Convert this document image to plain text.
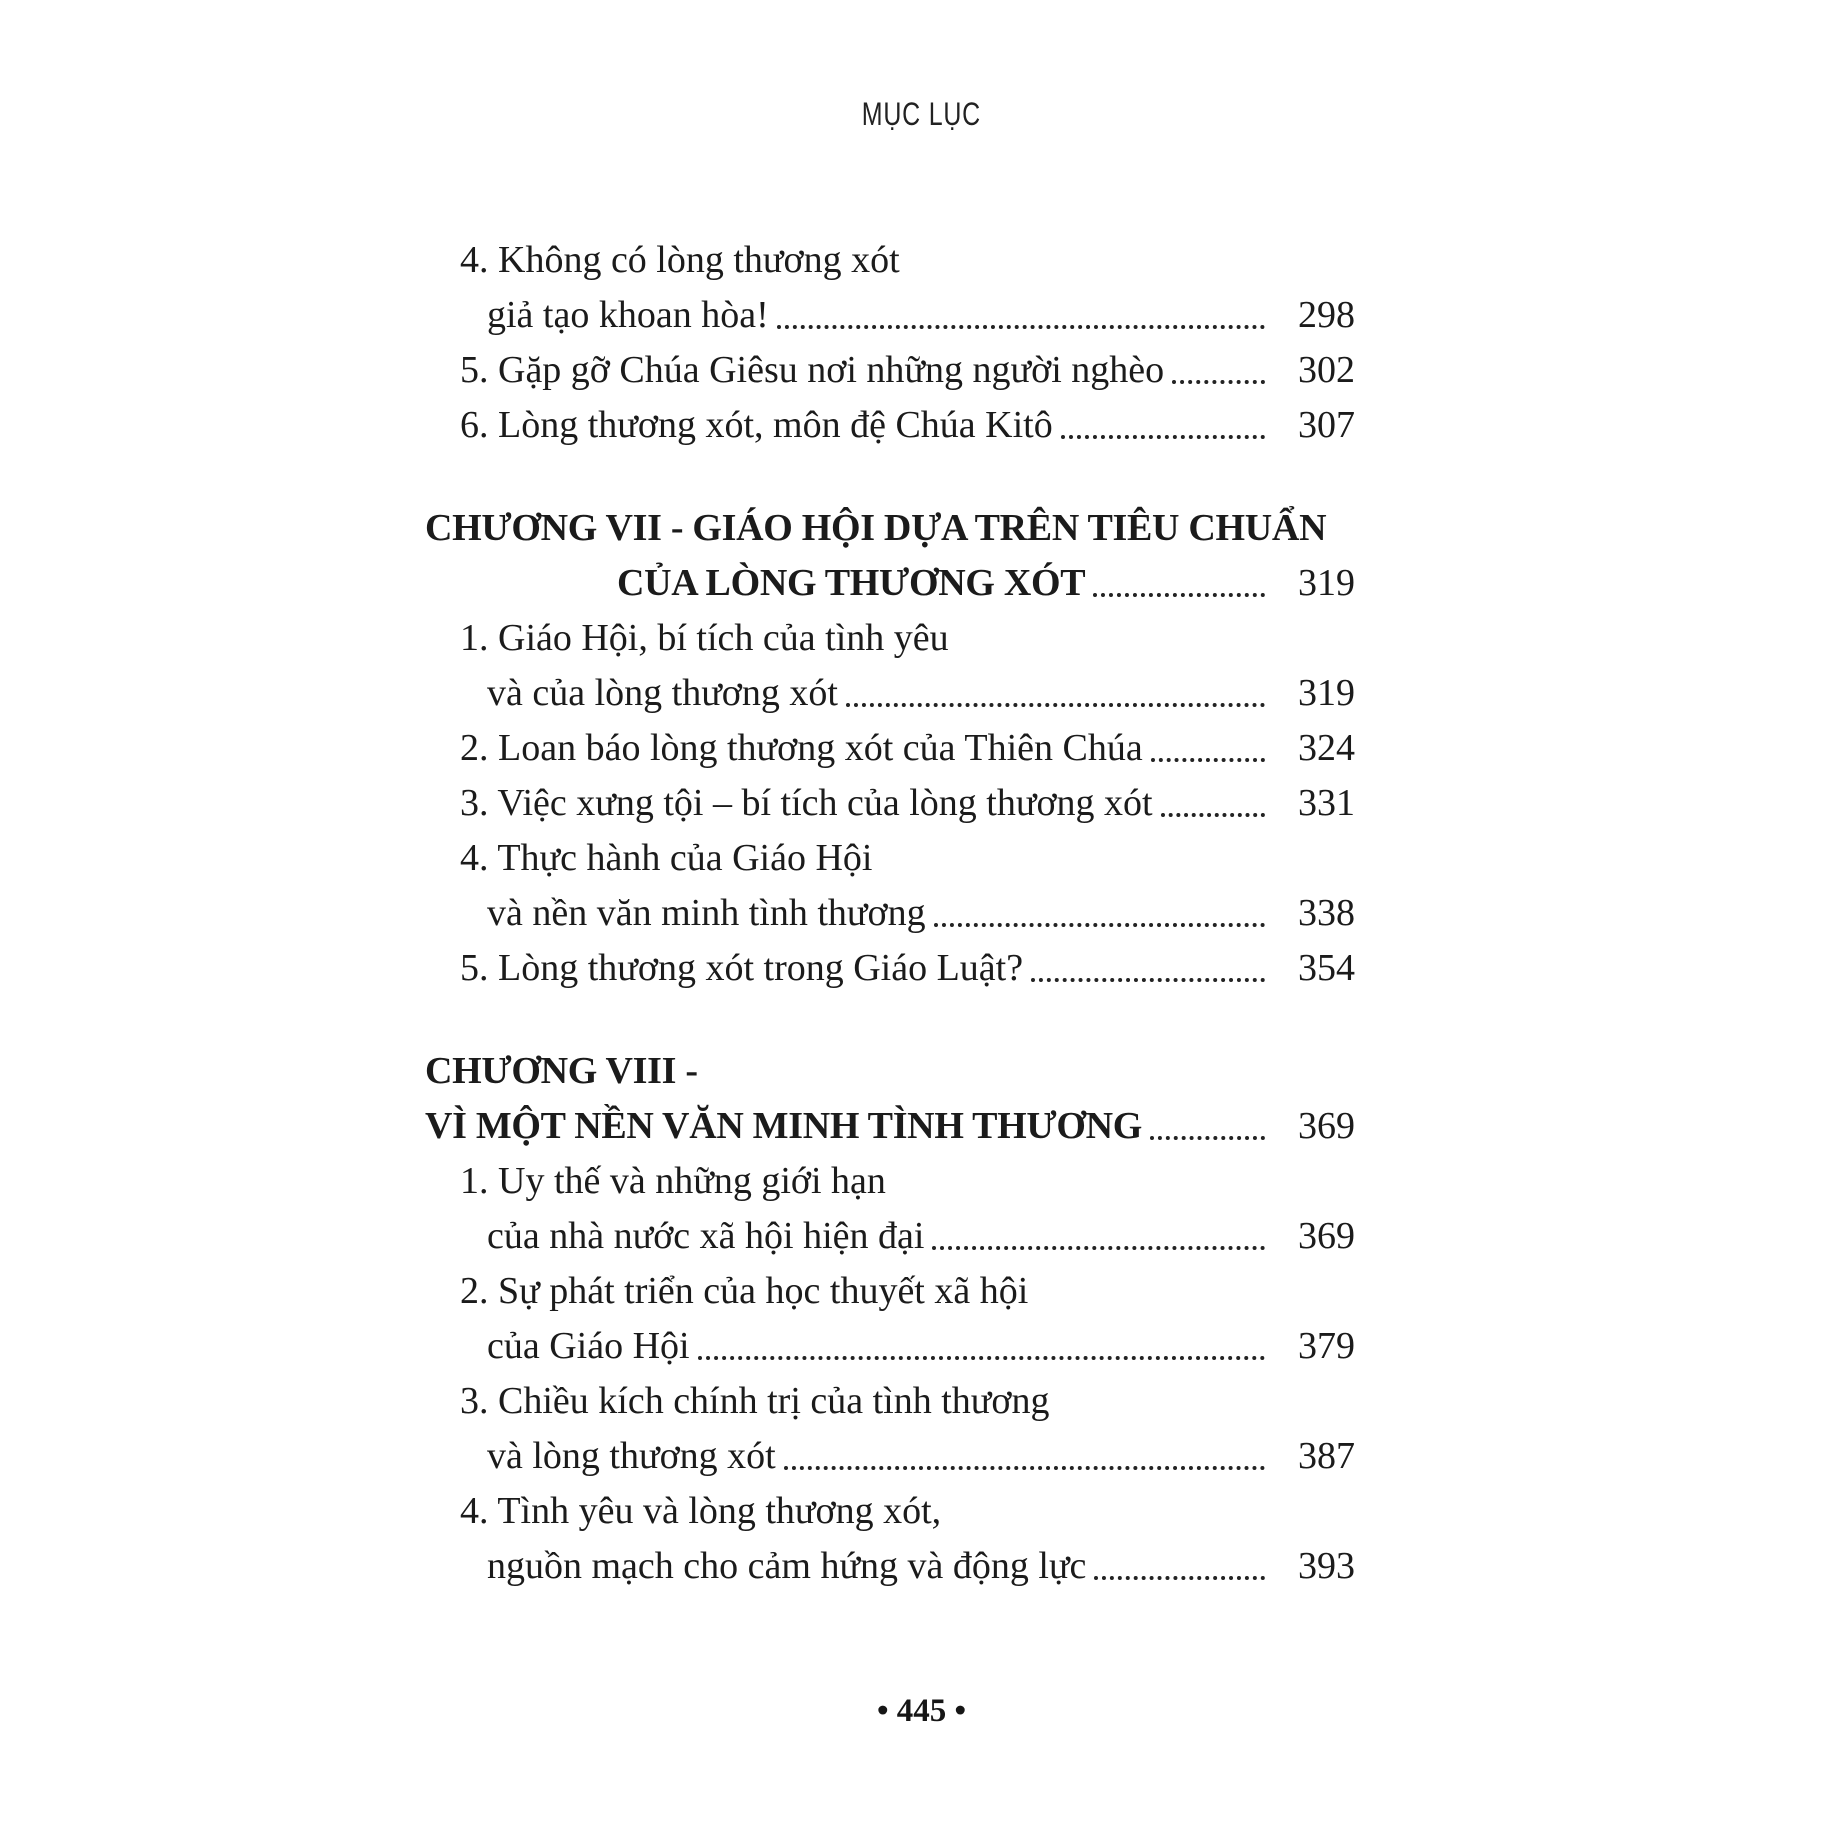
MỤC LỤC
4. Không có lòng thương xót
giả tạo khoan hòa!	298
5. Gặp gỡ Chúa Giêsu nơi những người nghèo	302
6. Lòng thương xót, môn đệ Chúa Kitô	307
CHƯƠNG VII - GIÁO HỘI DỰA TRÊN TIÊU CHUẨN
CỦA LÒNG THƯƠNG XÓT	319
1. Giáo Hội, bí tích của tình yêu
và của lòng thương xót	319
2. Loan báo lòng thương xót của Thiên Chúa	324
3. Việc xưng tội – bí tích của lòng thương xót	331
4. Thực hành của Giáo Hội
và nền văn minh tình thương	338
5. Lòng thương xót trong Giáo Luật?	354
CHƯƠNG VIII -
VÌ MỘT NỀN VĂN MINH TÌNH THƯƠNG	369
1. Uy thế và những giới hạn
của nhà nước xã hội hiện đại	369
2. Sự phát triển của học thuyết xã hội
của Giáo Hội	379
3. Chiều kích chính trị của tình thương
và lòng thương xót	387
4. Tình yêu và lòng thương xót,
nguồn mạch cho cảm hứng và động lực	393
• 445 •
